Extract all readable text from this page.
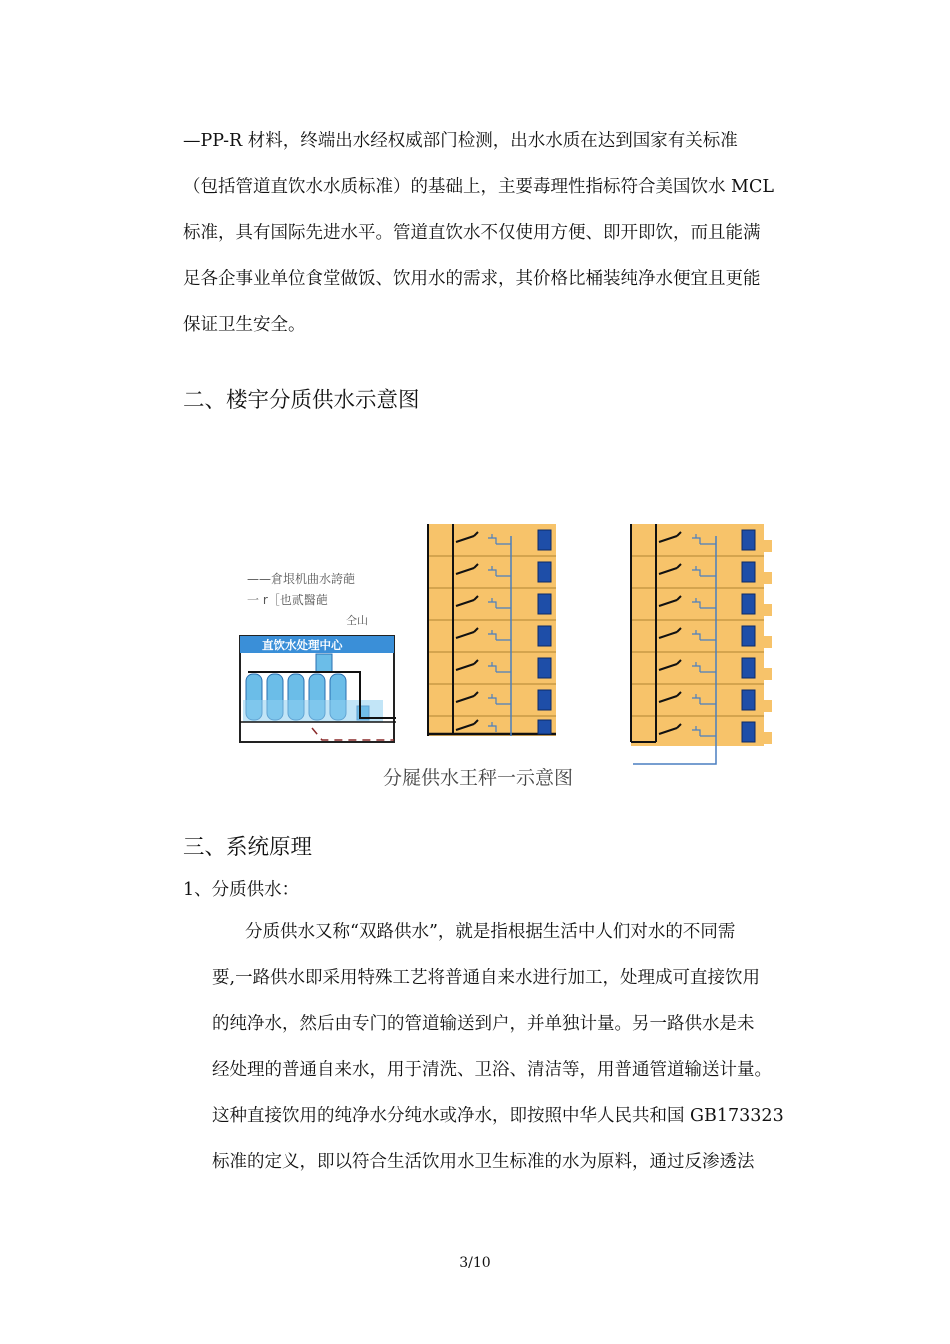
—PP-R 材料，终端出水经权威部门检测，出水水质在达到国家有关标准
（包括管道直饮水水质标准）的基础上，主要毒理性指标符合美国饮水 MCL
标准，具有国际先进水平。管道直饮水不仅使用方便、即开即饮，而且能满
足各企事业单位食堂做饭、饮用水的需求，其价格比桶装纯净水便宜且更能
保证卫生安全。
二、楼宇分质供水示意图
——倉垠机曲水誇葩
一 r［也贰醫葩
仝山
直饮水处理中心
分屣供水王秤一示意图
三、系统原理
1、分质供水：
　　分质供水又称“双路供水”，就是指根据生活中人们对水的不同需
要,一路供水即采用特殊工艺将普通自来水进行加工，处理成可直接饮用
的纯净水，然后由专门的管道输送到户，并单独计量。另一路供水是未
经处理的普通自来水，用于清洗、卫浴、清洁等，用普通管道输送计量。
这种直接饮用的纯净水分纯水或净水，即按照中华人民共和国 GB173323
标准的定义，即以符合生活饮用水卫生标准的水为原料，通过反渗透法
3/10
